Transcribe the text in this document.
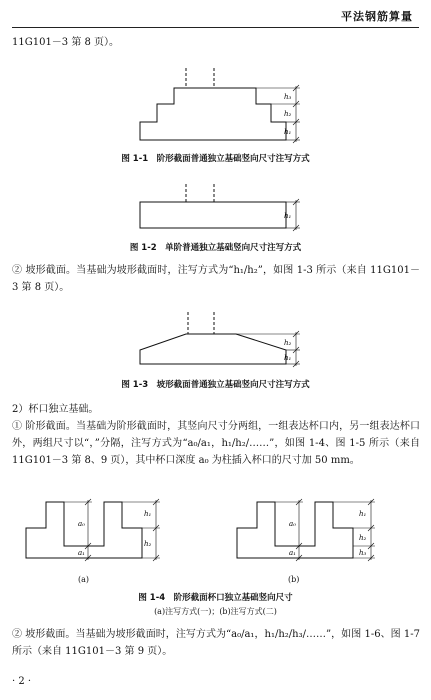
平法钢筋算量
11G101－3 第 8 页）。
h₃
h₂
h₁
图 1-1　阶形截面普通独立基础竖向尺寸注写方式
h₁
图 1-2　单阶普通独立基础竖向尺寸注写方式
② 坡形截面。当基础为坡形截面时，注写方式为“h₁/h₂”，如图 1-3 所示（来自 11G101－3 第 8 页）。
h₂
h₁
图 1-3　坡形截面普通独立基础竖向尺寸注写方式
2）杯口独立基础。
① 阶形截面。当基础为阶形截面时，其竖向尺寸分两组，一组表达杯口内，另一组表达杯口外，两组尺寸以“，”分隔，注写方式为“a₀/a₁，h₁/h₂/……”，如图 1-4、图 1-5 所示（来自 11G101－3 第 8、9 页），其中杯口深度 a₀ 为柱插入杯口的尺寸加 50 mm。
a₀
a₁
h₁
h₂
a₀
a₁
h₁
h₂
h₃
(a)	(b)
图 1-4　阶形截面杯口独立基础竖向尺寸
(a)注写方式(一)；(b)注写方式(二)
② 坡形截面。当基础为坡形截面时，注写方式为“a₀/a₁，h₁/h₂/h₃/……”，如图 1-6、图 1-7 所示（来自 11G101－3 第 9 页）。
· 2 ·
